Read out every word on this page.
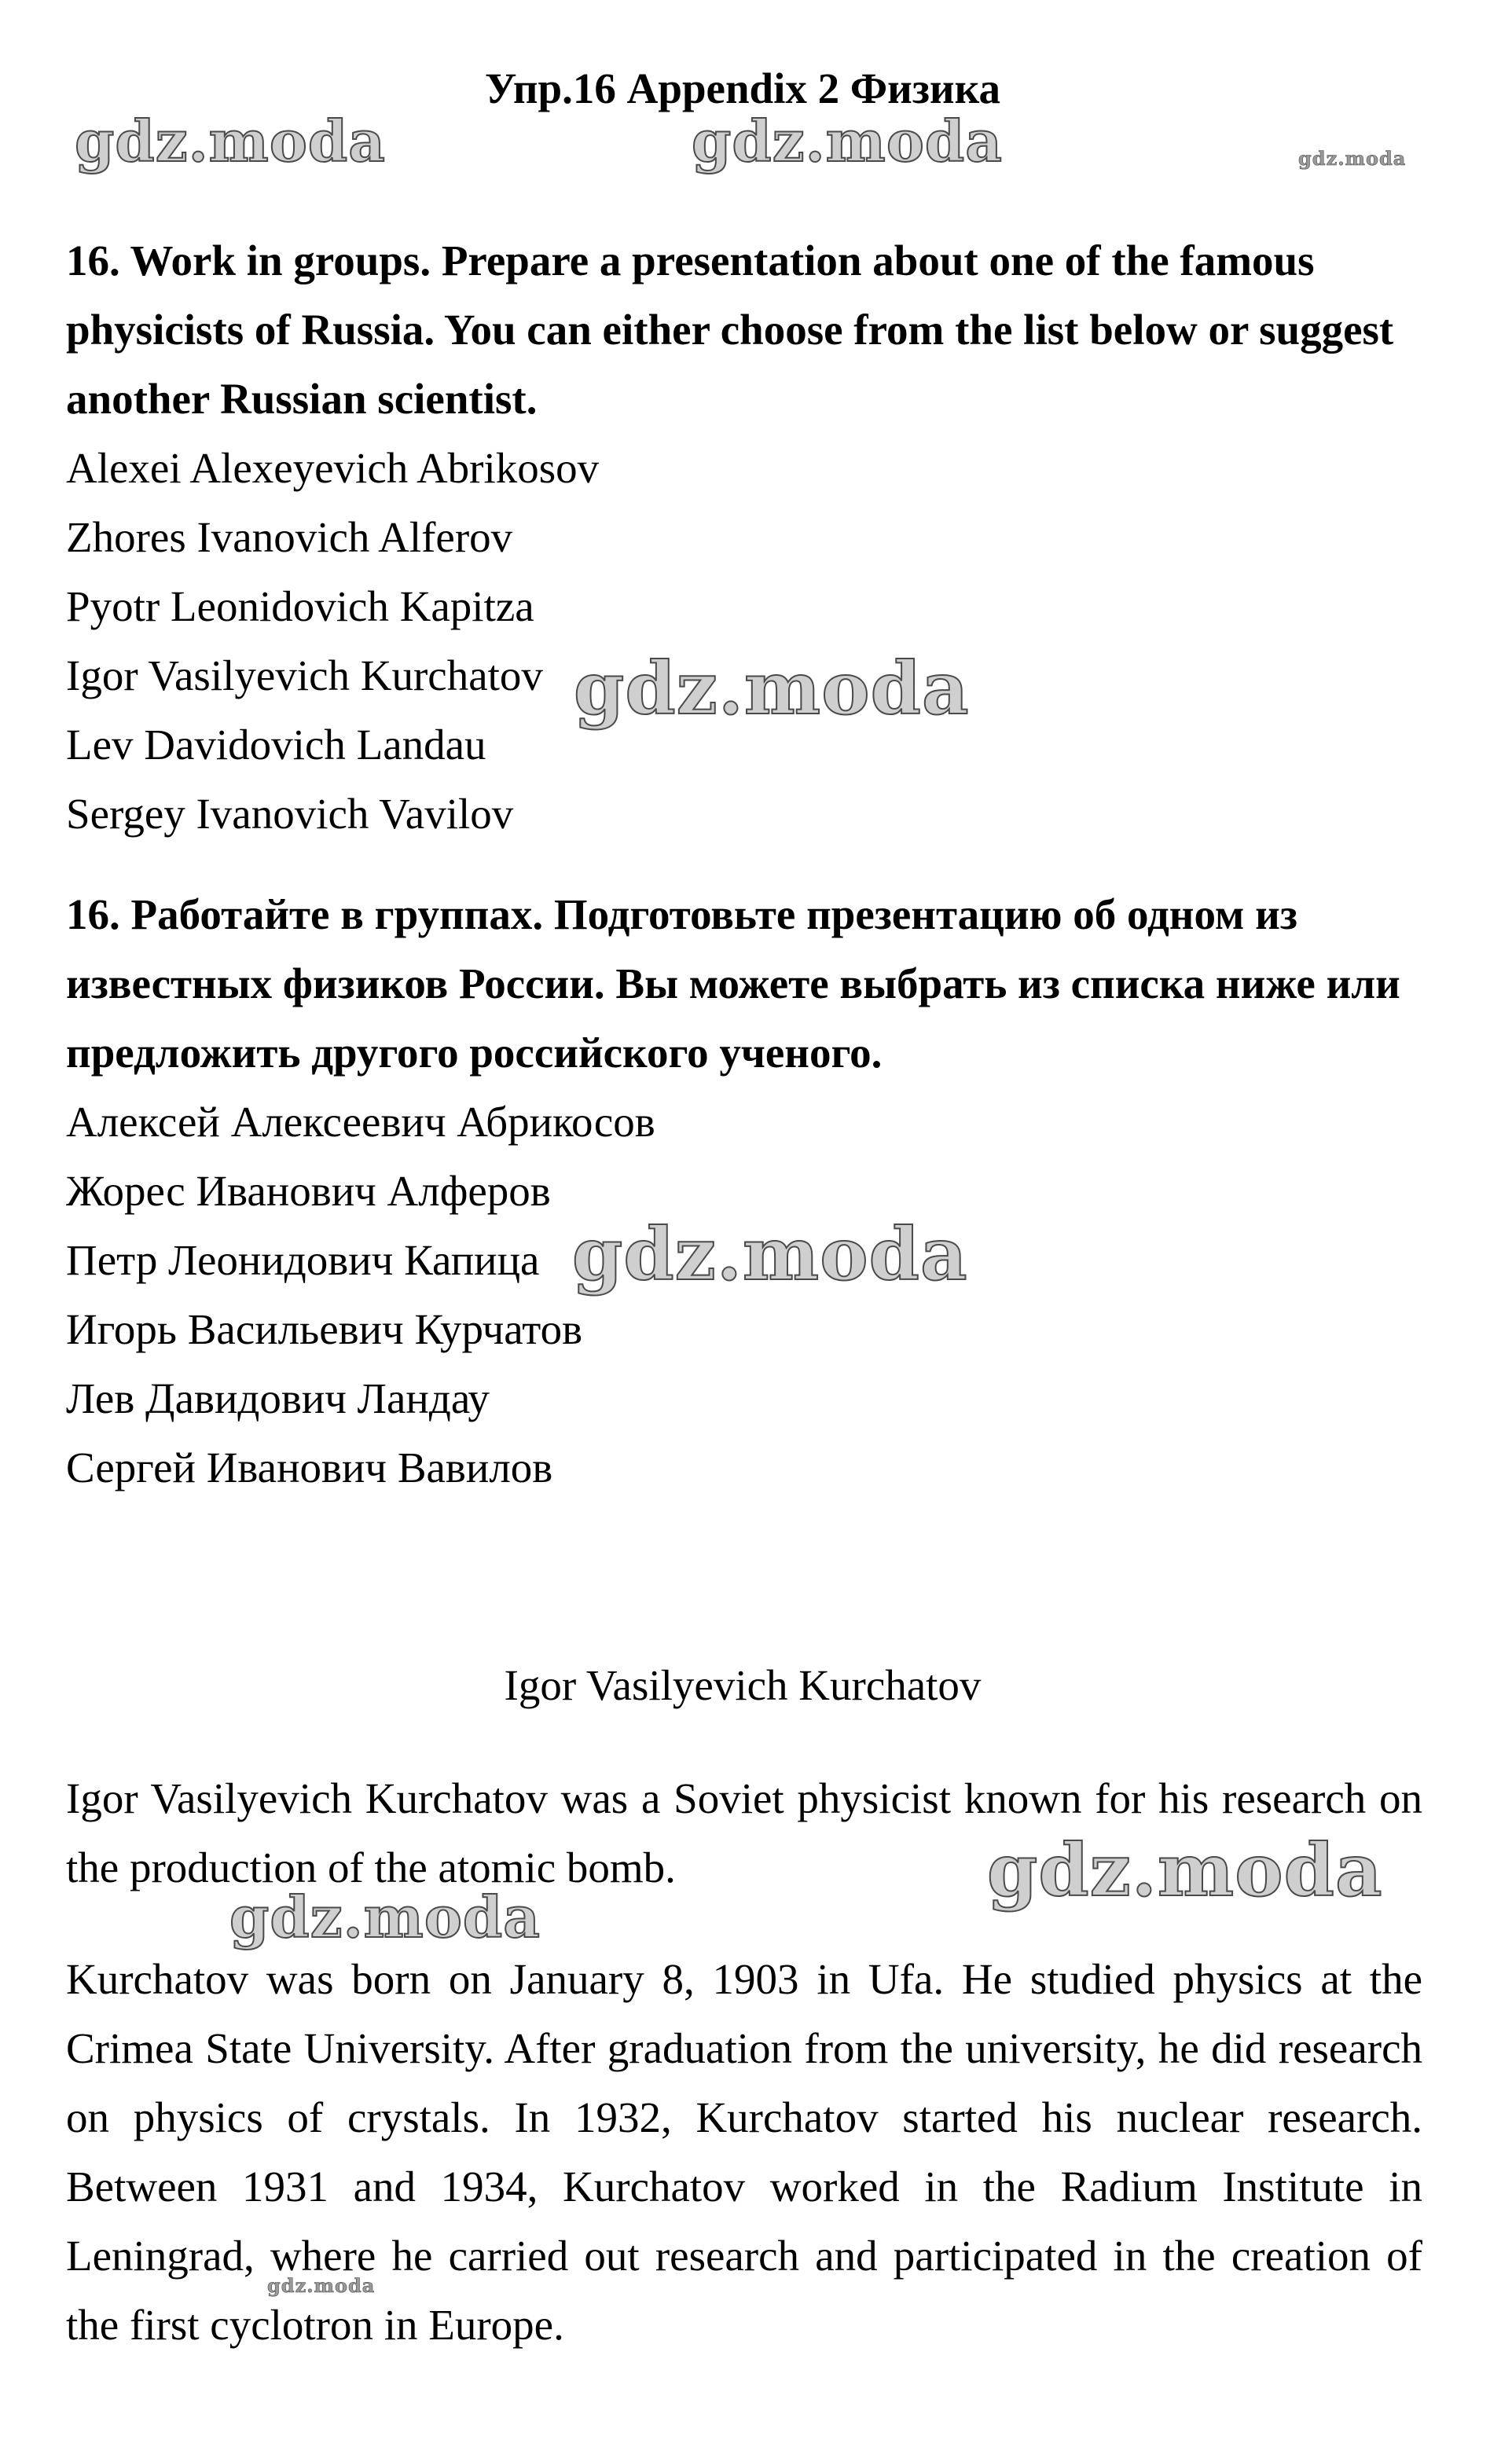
Упр.16 Appendix 2 Физика

16. Work in groups. Prepare a presentation about one of the famous physicists of Russia. You can either choose from the list below or suggest another Russian scientist.

Alexei Alexeyevich Abrikosov

Zhores Ivanovich Alferov

Pyotr Leonidovich Kapitza

Igor Vasilyevich Kurchatov

Lev Davidovich Landau

Sergey Ivanovich Vavilov

16. Работайте в группах. Подготовьте презентацию об одном из известных физиков России. Вы можете выбрать из списка ниже или предложить другого российского ученого.

Алексей Алексеевич Абрикосов

Жорес Иванович Алферов

Петр Леонидович Капица

Игорь Васильевич Курчатов

Лев Давидович Ландау

Сергей Иванович Вавилов

Igor Vasilyevich Kurchatov

Igor Vasilyevich Kurchatov was a Soviet physicist known for his research on the production of the atomic bomb.

Kurchatov was born on January 8, 1903 in Ufa. He studied physics at the Crimea State University. After graduation from the university, he did research on physics of crystals. In 1932, Kurchatov started his nuclear research. Between 1931 and 1934, Kurchatov worked in the Radium Institute in Leningrad, where he carried out research and participated in the creation of the first cyclotron in Europe.

gdz.moda	gdz.moda	gdz.moda
gdz.moda
gdz.moda
gdz.moda
gdz.moda
gdz.moda
